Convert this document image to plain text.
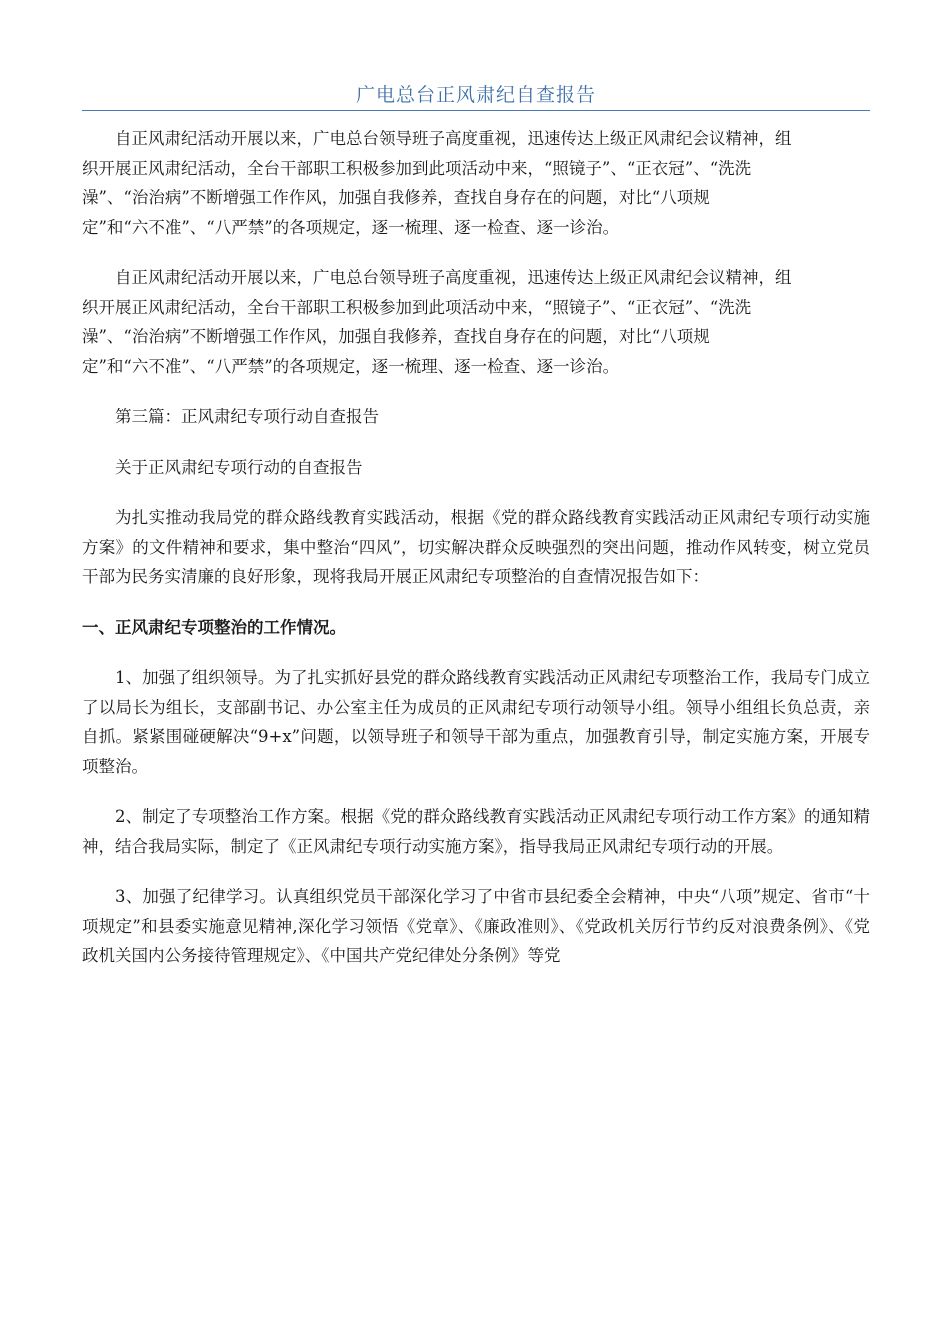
广电总台正风肃纪自查报告

自正风肃纪活动开展以来，广电总台领导班子高度重视，迅速传达上级正风肃纪会议精神，组
织开展正风肃纪活动，全台干部职工积极参加到此项活动中来，“照镜子”、“正衣冠”、“洗洗
澡”、“治治病”不断增强工作作风，加强自我修养，查找自身存在的问题，对比“八项规
定”和“六不准”、“八严禁”的各项规定，逐一梳理、逐一检查、逐一诊治。

自正风肃纪活动开展以来，广电总台领导班子高度重视，迅速传达上级正风肃纪会议精神，组
织开展正风肃纪活动，全台干部职工积极参加到此项活动中来，“照镜子”、“正衣冠”、“洗洗
澡”、“治治病”不断增强工作作风，加强自我修养，查找自身存在的问题，对比“八项规
定”和“六不准”、“八严禁”的各项规定，逐一梳理、逐一检查、逐一诊治。

第三篇：正风肃纪专项行动自查报告

关于正风肃纪专项行动的自查报告

为扎实推动我局党的群众路线教育实践活动，根据《党的群众路线教育实践活动正风肃纪专项行动实施方案》的文件精神和要求，集中整治“四风”，切实解决群众反映强烈的突出问题，推动作风转变，树立党员干部为民务实清廉的良好形象，现将我局开展正风肃纪专项整治的自查情况报告如下：

一、正风肃纪专项整治的工作情况。

1、加强了组织领导。为了扎实抓好县党的群众路线教育实践活动正风肃纪专项整治工作，我局专门成立了以局长为组长，支部副书记、办公室主任为成员的正风肃纪专项行动领导小组。领导小组组长负总责，亲自抓。紧紧围碰硬解决“9+x”问题，以领导班子和领导干部为重点，加强教育引导，制定实施方案，开展专项整治。

2、制定了专项整治工作方案。根据《党的群众路线教育实践活动正风肃纪专项行动工作方案》的通知精神，结合我局实际，制定了《正风肃纪专项行动实施方案》，指导我局正风肃纪专项行动的开展。

3、加强了纪律学习。认真组织党员干部深化学习了中省市县纪委全会精神，中央“八项”规定、省市“十项规定”和县委实施意见精神,深化学习领悟《党章》、《廉政准则》、《党政机关厉行节约反对浪费条例》、《党政机关国内公务接待管理规定》、《中国共产党纪律处分条例》等党
